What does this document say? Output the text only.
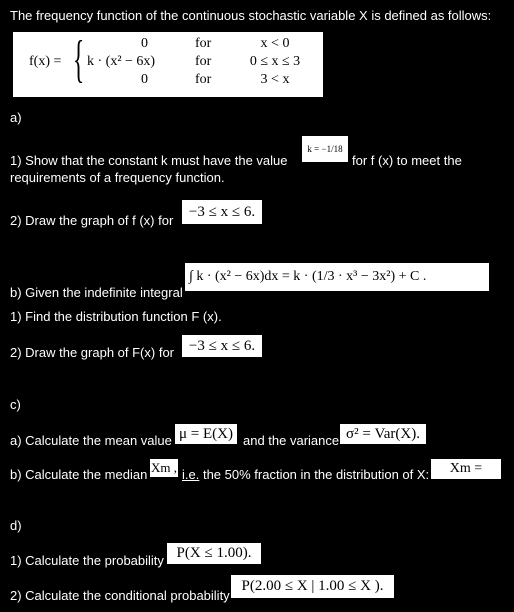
The frequency function of the continuous stochastic variable X is defined as follows:
f(x) = {	0
k · (x² − 6x)
0
for
for
for
x < 0
0 ≤ x ≤ 3
3 < x
a)
1) Show that the constant k must have the value
k = −1/18
for f (x) to meet the
requirements of a frequency function.
2) Draw the graph of f (x) for
−3 ≤ x ≤ 6.
∫ k · (x² − 6x)dx = k · (1/3 · x³ − 3x²) + C .
b) Given the indefinite integral
1) Find the distribution function F (x).
2) Draw the graph of F(x) for −3 ≤ x ≤ 6.
c)
a) Calculate the mean value μ = E(X) and the variance σ² = Var(X).
b) Calculate the median Xm , i.e. the 50% fraction in the distribution of X:	Xm = X0.50
d)
1) Calculate the probability P(X ≤ 1.00).
2) Calculate the conditional probability
P(2.00 ≤ X | 1.00 ≤ X ).
